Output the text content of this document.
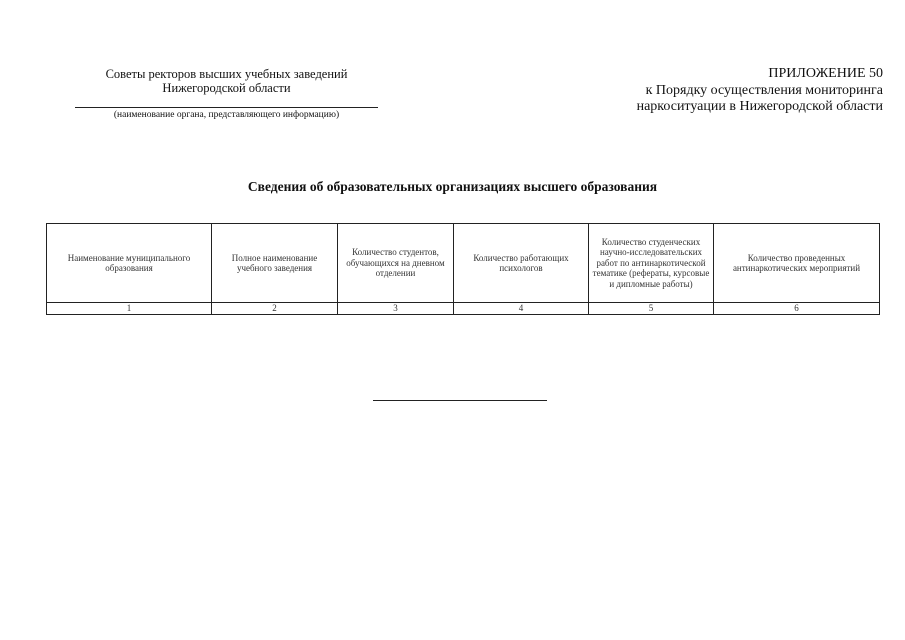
Советы ректоров высших учебных заведений
Нижегородской области
(наименование органа, представляющего информацию)
ПРИЛОЖЕНИЕ 50
к Порядку осуществления мониторинга
наркоситуации в Нижегородской области
Сведения об образовательных организациях высшего образования
Наименование муниципального образования	Полное наименование учебного заведения	Количество студентов, обучающихся на дневном отделении	Количество работающих психологов	Количество студенческих научно-исследовательских работ по антинаркотической тематике (рефераты, курсовые и дипломные работы)	Количество проведенных антинаркотических мероприятий
1	2	3	4	5	6
